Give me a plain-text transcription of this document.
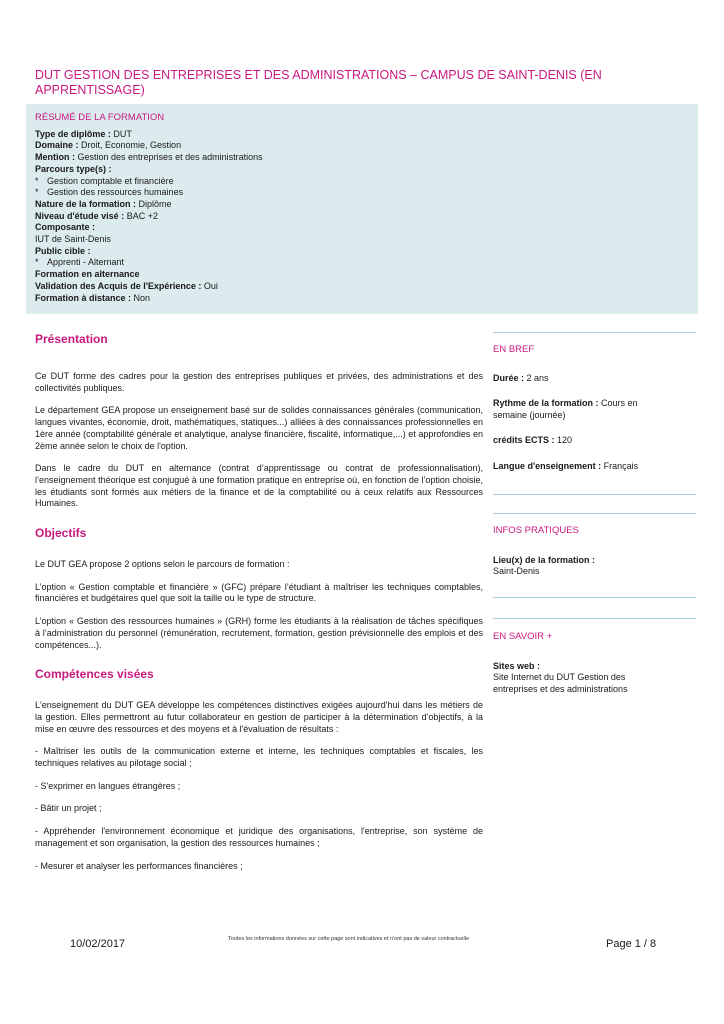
DUT GESTION DES ENTREPRISES ET DES ADMINISTRATIONS – CAMPUS DE SAINT-DENIS (EN APPRENTISSAGE)
RÉSUMÉ DE LA FORMATION
Type de diplôme : DUT
Domaine : Droit, Economie, Gestion
Mention : Gestion des entreprises et des administrations
Parcours type(s) :
* Gestion comptable et financière
* Gestion des ressources humaines
Nature de la formation : Diplôme
Niveau d'étude visé : BAC +2
Composante :
IUT de Saint-Denis
Public cible :
* Apprenti - Alternant
Formation en alternance
Validation des Acquis de l'Expérience : Oui
Formation à distance : Non
Présentation

Ce DUT forme des cadres pour la gestion des entreprises publiques et privées, des administrations et des collectivités publiques.

Le département GEA propose un enseignement basé sur de solides connaissances générales (communication, langues vivantes, économie, droit, mathématiques, statiques...) alliées à des connaissances professionnelles en 1ère année (comptabilité générale et analytique, analyse financière, fiscalité, informatique,...) et approfondies en 2ème année selon le choix de l'option.

Dans le cadre du DUT en alternance (contrat d’apprentissage ou contrat de professionnalisation), l’enseignement théorique est conjugué à une formation pratique en entreprise où, en fonction de l’option choisie, les étudiants sont formés aux métiers de la finance et de la comptabilité ou à ceux relatifs aux Ressources Humaines.

Objectifs

Le DUT GEA propose 2 options selon le parcours de formation :

L’option « Gestion comptable et financière » (GFC) prépare l’étudiant à maîtriser les techniques comptables, financières et budgétaires quel que soit la taille ou le type de structure.

L’option « Gestion des ressources humaines » (GRH) forme les étudiants à la réalisation de tâches spécifiques à l’administration du personnel (rémunération, recrutement, formation, gestion prévisionnelle des emplois et des compétences...).

Compétences visées

L'enseignement du DUT GEA développe les compétences distinctives exigées aujourd'hui dans les métiers de la gestion. Elles permettront au futur collaborateur en gestion de participer à la détermination d'objectifs, à la mise en œuvre des ressources et des moyens et à l'évaluation de résultats :

- Maîtriser les outils de la communication externe et interne, les techniques comptables et fiscales, les techniques relatives au pilotage social ;

- S'exprimer en langues étrangères ;

- Bâtir un projet ;

- Appréhender l'environnement économique et juridique des organisations, l'entreprise, son système de management et son organisation, la gestion des ressources humaines ;

- Mesurer et analyser les performances financières ;

EN BREF
Durée : 2 ans
Rythme de la formation : Cours en semaine (journée)
crédits ECTS : 120
Langue d'enseignement : Français
INFOS PRATIQUES
Lieu(x) de la formation :
Saint-Denis
EN SAVOIR +
Sites web :
Site Internet du DUT Gestion des entreprises et des administrations
10/02/2017	Toutes les informations données sur cette page sont indicatives et n'ont pas de valeur contractuelle	Page 1 / 8
